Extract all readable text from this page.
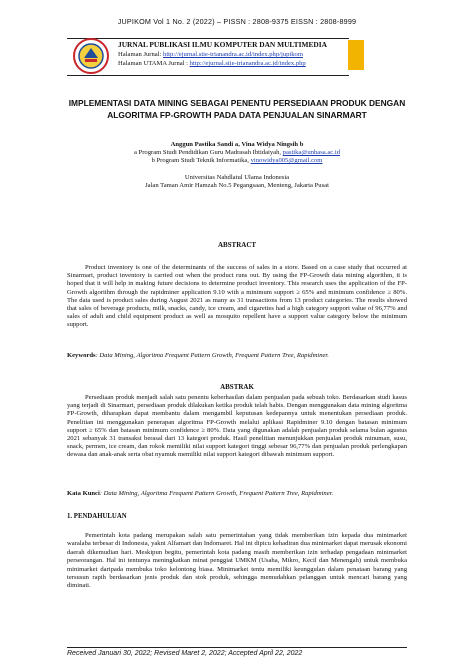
JUPIKOM Vol 1 No. 2 (2022) – PISSN : 2808-9375 EISSN : 2808-8999
JURNAL PUBLIKASI ILMU KOMPUTER DAN MULTIMEDIA
Halaman Jurnal: http://ejurnal.stie-trianandra.ac.id/index.php/jupikom
Halaman UTAMA Jurnal : http://ejurnal.stie-trianandra.ac.id/index.php
IMPLEMENTASI DATA MINING SEBAGAI PENENTU PERSEDIAAN PRODUK DENGAN
ALGORITMA FP-GROWTH PADA DATA PENJUALAN SINARMART
Anggun Pastika Sandi a, Vina Widya Ningsih b
a Program Studi Pendidikan Guru Madrasah Ibtidaiyah, pastika@unhasa.ac.id
b Program Studi Teknik Informatika, vinowidya005@gmail.com
Universitas Nahdlatul Ulama Indonesia
Jalan Taman Amir Hamzah No.5 Pegangsaan, Menteng, Jakarta Pusat
ABSTRACT
Product inventory is one of the determinants of the success of sales in a store. Based on a case study that occurred at Sinarmart, product inventory is carried out when the product runs out. By using the FP-Growth data mining algorithm, it is hoped that it will help in making future decisions to determine product inventory. This research uses the application of the FP-Growth algorithm through the rapidminer application 9.10 with a minimum support ≥ 65% and minimum confidence ≥ 80%. The data used is product sales during August 2021 as many as 31 transactions from 13 product categories. The results showed that sales of beverage products, milk, snacks, candy, ice cream, and cigarettes had a high category support value of 96,77% and sales of adult and child equipment product as well as mosquito repellent have a support value category below the minimum support.
Keywords: Data Mining, Algoritma Frequent Pattern Growth, Frequent Pattern Tree, Rapidminer.
ABSTRAK
Persediaan produk menjadi salah satu penentu keberhasilan dalam penjualan pada sebuah toko. Berdasarkan studi kasus yang terjadi di Sinarmart, persediaan produk dilakukan ketika produk telah habis. Dengan menggunakan data mining algoritma FP-Growth, diharapkan dapat membantu dalam mengambil keputusan kedepannya untuk menentukan persediaan produk. Penelitian ini menggunakan penerapan algoritma FP-Growth melalui aplikasi Rapidminer 9.10 dengan batasan minimum support ≥ 65% dan batasan minimum confidence ≥ 80%. Data yang digunakan adalah penjualan produk selama bulan agustus 2021 sebanyak 31 transaksi berasal dari 13 kategori produk. Hasil penelitian menunjukkan penjualan produk minuman, susu, snack, permen, ice cream, dan rokok memiliki nilai support kategori tinggi sebesar 96,77% dan penjualan produk perlengkapan dewasa dan anak-anak serta obat nyamuk memiliki nilai support kategori dibawah minimum support.
Kata Kunci: Data Mining, Algoritma Frequent Pattern Growth, Frequent Pattern Tree, Rapidminer.
1. PENDAHULUAN
Pemerintah kota padang merupakan salah satu pemerintahan yang tidak memberikan izin kepada dua minimarket waralaba terbesar di Indonesia, yakni Alfamart dan Indomaret. Hal ini dipicu kehadiran dua minimarket dapat merusak ekonomi daerah dikemudian hari. Meskipun begitu, pemerintah kota padang masih memberikan izin terhadap pengadaan minimarket perseorangan. Hal ini tentunya meningkatkan minat penggiat UMKM (Usaha, Mikro, Kecil dan Menengah) untuk membuka minimarket daripada membuka toko kelontong biasa. Minimarket tentu memiliki keunggulan dalam penataan barang yang tersusun rapih berdasarkan jenis produk dan stok produk, sehingga memudahkan pelanggan untuk mencari barang yang diminati.
Received Januari 30, 2022; Revised Maret 2, 2022; Accepted April 22, 2022
